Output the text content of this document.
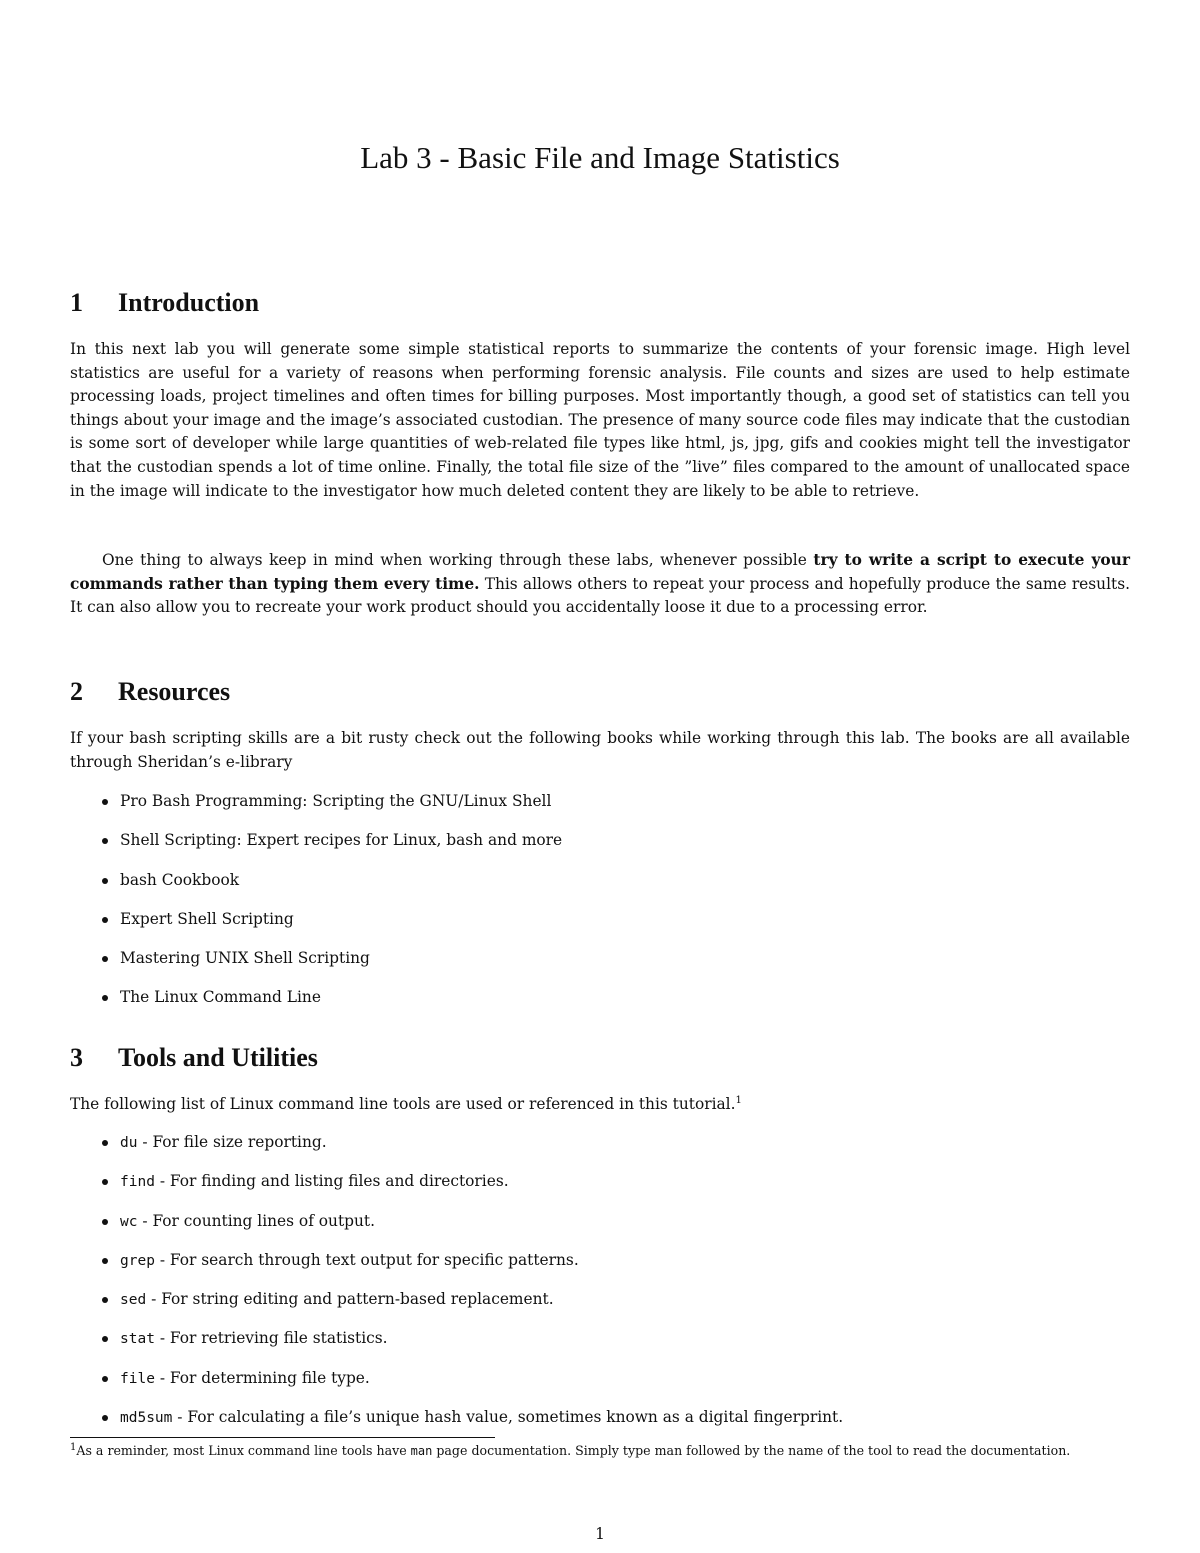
Lab 3 - Basic File and Image Statistics
1 Introduction

In this next lab you will generate some simple statistical reports to summarize the contents of your forensic image. High level statistics are useful for a variety of reasons when performing forensic analysis. File counts and sizes are used to help estimate processing loads, project timelines and often times for billing purposes. Most importantly though, a good set of statistics can tell you things about your image and the image’s associated custodian. The presence of many source code files may indicate that the custodian is some sort of developer while large quantities of web-related file types like html, js, jpg, gifs and cookies might tell the investigator that the custodian spends a lot of time online. Finally, the total file size of the ”live” files compared to the amount of unallocated space in the image will indicate to the investigator how much deleted content they are likely to be able to retrieve.

One thing to always keep in mind when working through these labs, whenever possible try to write a script to execute your commands rather than typing them every time. This allows others to repeat your process and hopefully produce the same results. It can also allow you to recreate your work product should you accidentally loose it due to a processing error.

2 Resources

If your bash scripting skills are a bit rusty check out the following books while working through this lab. The books are all available through Sheridan’s e-library

Pro Bash Programming: Scripting the GNU/Linux Shell
Shell Scripting: Expert recipes for Linux, bash and more
bash Cookbook
Expert Shell Scripting
Mastering UNIX Shell Scripting
The Linux Command Line
3 Tools and Utilities

The following list of Linux command line tools are used or referenced in this tutorial.$^1$

du - For file size reporting.
find - For finding and listing files and directories.
wc - For counting lines of output.
grep - For search through text output for specific patterns.
sed - For string editing and pattern-based replacement.
stat - For retrieving file statistics.
file - For determining file type.
md5sum - For calculating a file’s unique hash value, sometimes known as a digital fingerprint.

$^1$As a reminder, most Linux command line tools have man page documentation. Simply type man followed by the name of the tool to read the documentation.

1
